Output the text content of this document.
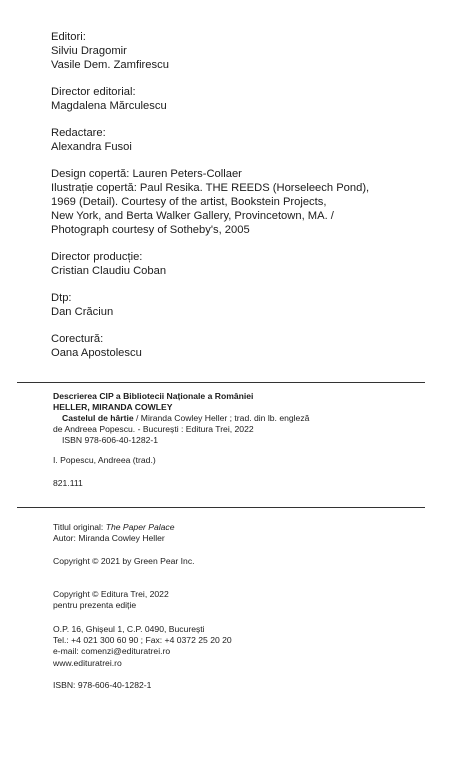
Editori:

Silviu Dragomir

Vasile Dem. Zamfirescu

Director editorial:

Magdalena Mărculescu

Redactare:

Alexandra Fusoi

Design copertă: Lauren Peters-Collaer

Ilustrație copertă: Paul Resika. THE REEDS (Horseleech Pond),

1969 (Detail). Courtesy of the artist, Bookstein Projects,

New York, and Berta Walker Gallery, Provincetown, MA. /

Photograph courtesy of Sotheby's, 2005

Director producție:

Cristian Claudiu Coban

Dtp:

Dan Crăciun

Corectură:

Oana Apostolescu

Descrierea CIP a Bibliotecii Naționale a României

HELLER, MIRANDA COWLEY

Castelul de hârtie / Miranda Cowley Heller ; trad. din lb. engleză

de Andreea Popescu. - București : Editura Trei, 2022

ISBN 978-606-40-1282-1

I. Popescu, Andreea (trad.)

821.111

Titlul original: The Paper Palace

Autor: Miranda Cowley Heller

Copyright © 2021 by Green Pear Inc.

Copyright © Editura Trei, 2022

pentru prezenta ediție

O.P. 16, Ghișeul 1, C.P. 0490, București

Tel.: +4 021 300 60 90 ; Fax: +4 0372 25 20 20

e-mail: comenzi@edituratrei.ro

www.edituratrei.ro

ISBN: 978-606-40-1282-1
